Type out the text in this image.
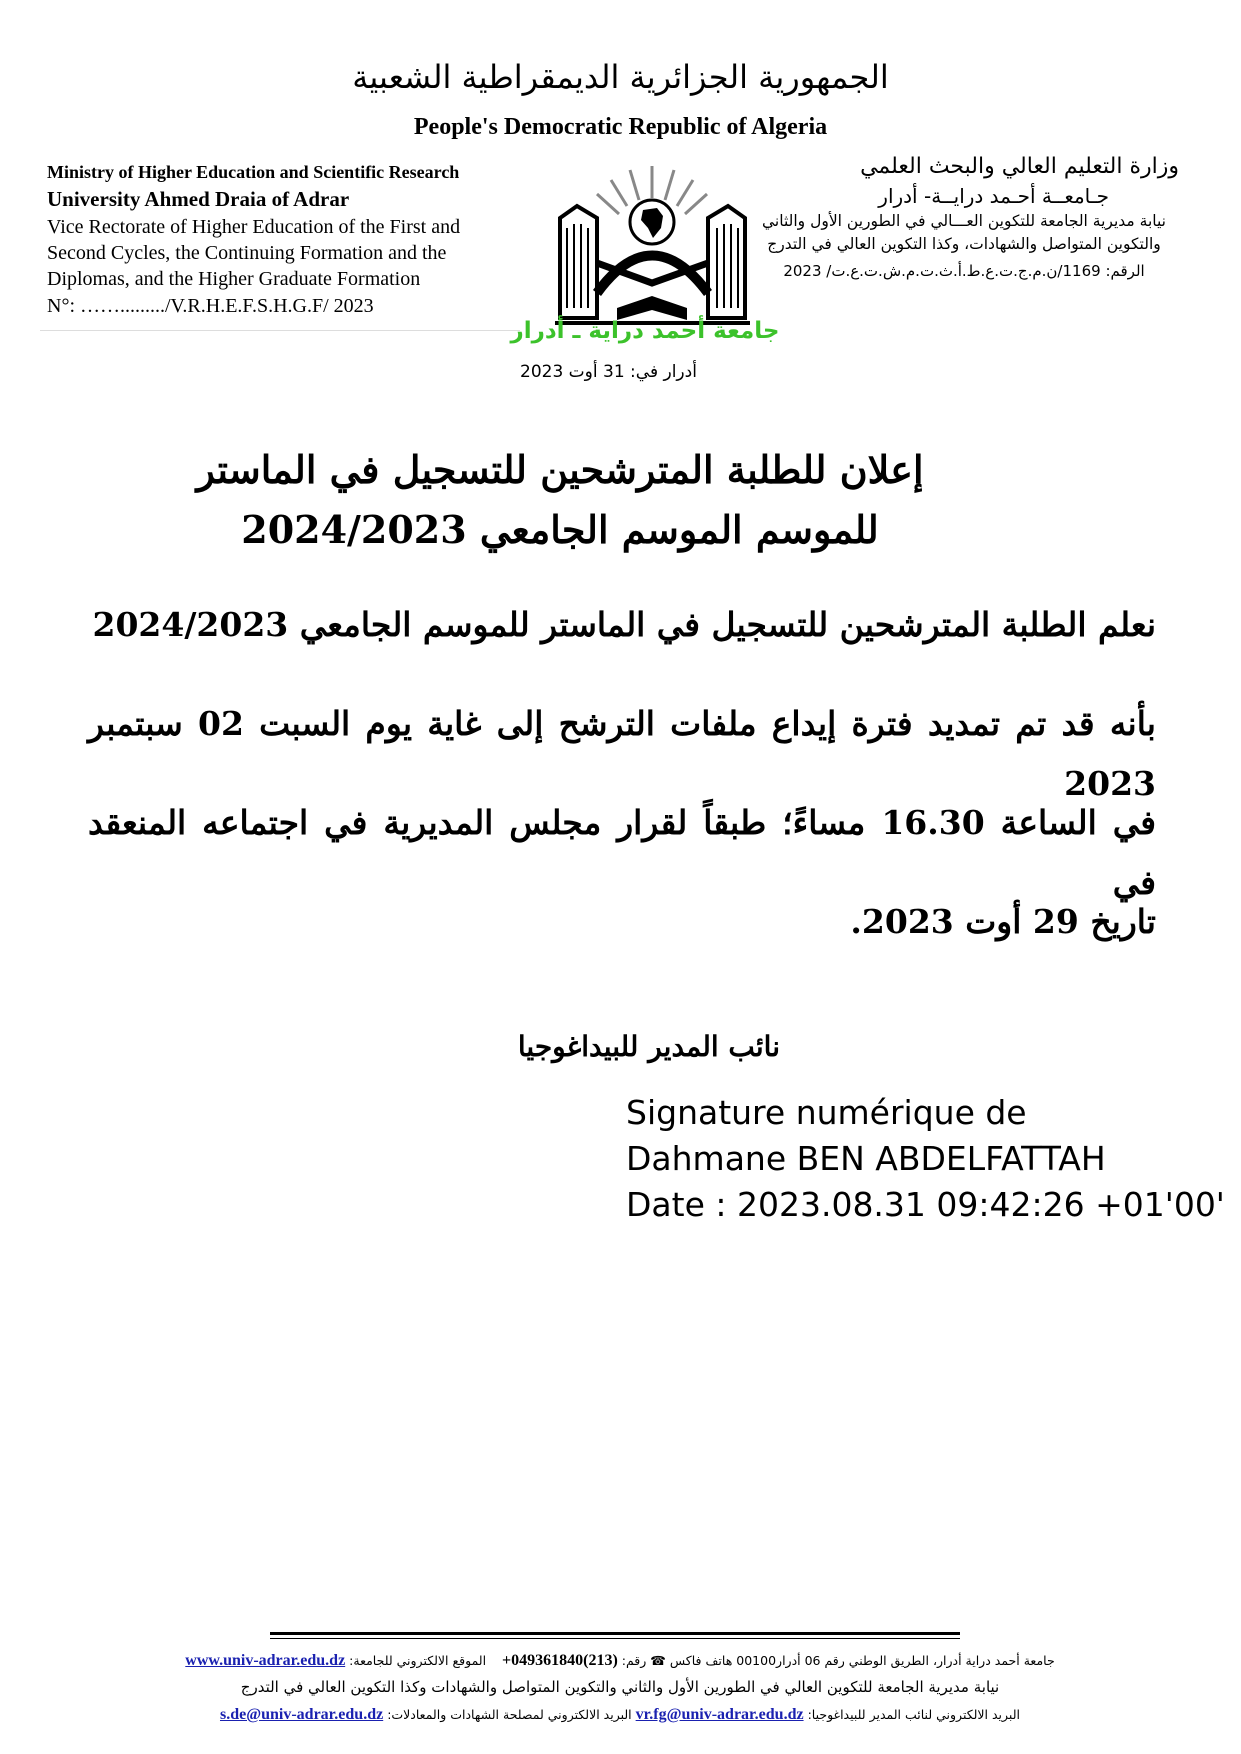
الجمهورية الجزائرية الديمقراطية الشعبية
People's Democratic Republic of Algeria
Ministry of Higher Education and Scientific Research
University Ahmed Draia of Adrar
Vice Rectorate of Higher Education of the First and
Second Cycles, the Continuing Formation and the
Diplomas, and the Higher Graduate Formation
N°: ……........./V.R.H.E.F.S.H.G.F/ 2023
وزارة التعليم العالي والبحث العلمي
جـامعــة أحـمد درايــة- أدرار
نيابة مديرية الجامعة للتكوين العـــالي في الطورين الأول والثاني والتكوين المتواصل والشهادات، وكذا التكوين العالي في التدرج
الرقم: 1169/ن.م.ج.ت.ع.ط.أ.ث.ت.م.ش.ت.ع.ت/ 2023
جامعة أحمد دراية ـ أدرار
أدرار في: 31 أوت 2023
إعلان للطلبة المترشحين للتسجيل في الماستر
للموسم الموسم الجامعي 2024/2023

نعلم الطلبة المترشحين للتسجيل في الماستر للموسم الجامعي 2024/2023

بأنه قد تم تمديد فترة إيداع ملفات الترشح إلى غاية يوم السبت 02 سبتمبر 2023

في الساعة 16.30 مساءً؛ طبقاً لقرار مجلس المديرية في اجتماعه المنعقد في

تاريخ 29 أوت 2023.

نائب المدير للبيداغوجيا
Signature numérique de
Dahmane BEN ABDELFATTAH
Date : 2023.08.31 09:42:26 +01'00'
جامعة أحمد دراية أدرار، الطريق الوطني رقم 06 أدرار00100 هاتف فاكس ☎ رقم: (213)049361840+    الموقع الالكتروني للجامعة: www.univ-adrar.edu.dz
نيابة مديرية الجامعة للتكوين العالي في الطورين الأول والثاني والتكوين المتواصل والشهادات وكذا التكوين العالي في التدرج
البريد الالكتروني لنائب المدير للبيداغوجيا: vr.fg@univ-adrar.edu.dz البريد الالكتروني لمصلحة الشهادات والمعادلات: s.de@univ-adrar.edu.dz
